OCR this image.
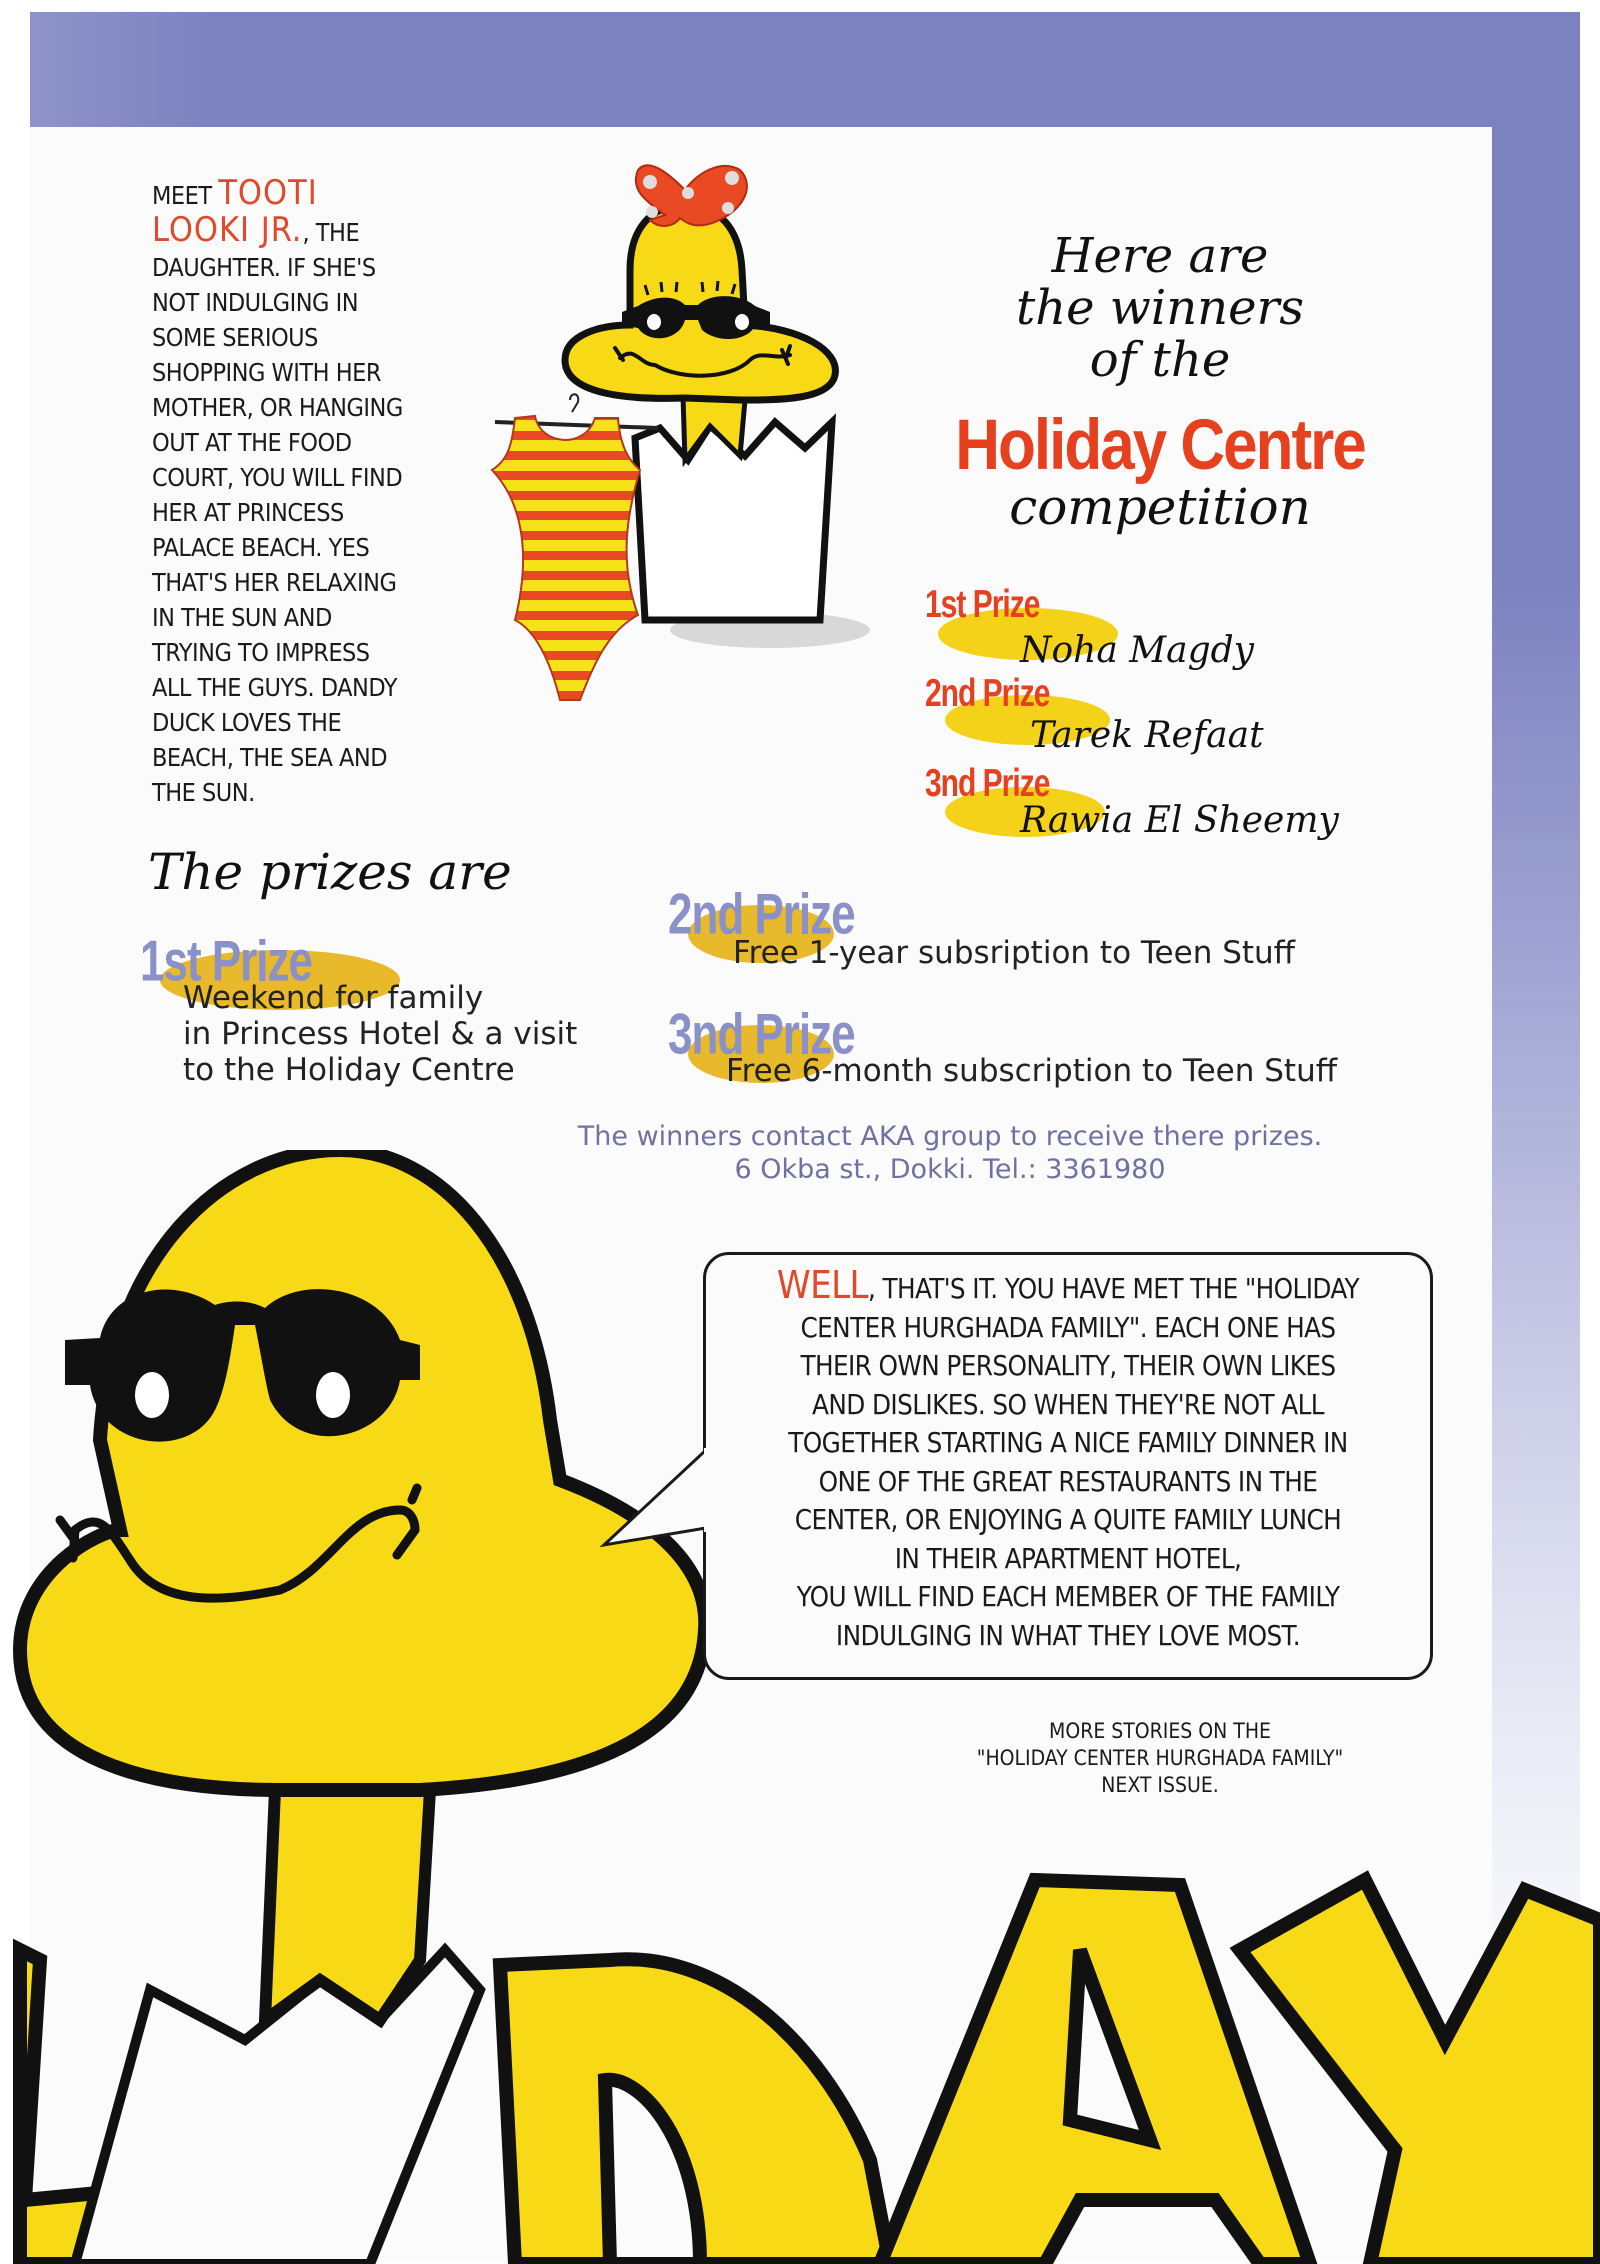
MEET TOOTI
LOOKI JR., THE
DAUGHTER. IF SHE'S
NOT INDULGING IN
SOME SERIOUS
SHOPPING WITH HER
MOTHER, OR HANGING
OUT AT THE FOOD
COURT, YOU WILL FIND
HER AT PRINCESS
PALACE BEACH. YES
THAT'S HER RELAXING
IN THE SUN AND
TRYING TO IMPRESS
ALL THE GUYS. DANDY
DUCK LOVES THE
BEACH, THE SEA AND
THE SUN.
Here are
the winners
of the
Holiday Centre
competition
1st Prize
Noha Magdy
2nd Prize
Tarek Refaat
3nd Prize
Rawia El Sheemy
The prizes are
1st Prize
Weekend for family
in Princess Hotel & a visit
to the Holiday Centre
2nd Prize
Free 1-year subsription to Teen Stuff
3nd Prize
Free 6-month subscription to Teen Stuff
The winners contact AKA group to receive there prizes.
6 Okba st., Dokki. Tel.: 3361980
WELL, THAT'S IT. YOU HAVE MET THE "HOLIDAY
CENTER HURGHADA FAMILY". EACH ONE HAS
THEIR OWN PERSONALITY, THEIR OWN LIKES
AND DISLIKES. SO WHEN THEY'RE NOT ALL
TOGETHER STARTING A NICE FAMILY DINNER IN
ONE OF THE GREAT RESTAURANTS IN THE
CENTER, OR ENJOYING A QUITE FAMILY LUNCH
IN THEIR APARTMENT HOTEL,
YOU WILL FIND EACH MEMBER OF THE FAMILY
INDULGING IN WHAT THEY LOVE MOST.
MORE STORIES ON THE
"HOLIDAY CENTER HURGHADA FAMILY"
NEXT ISSUE.
